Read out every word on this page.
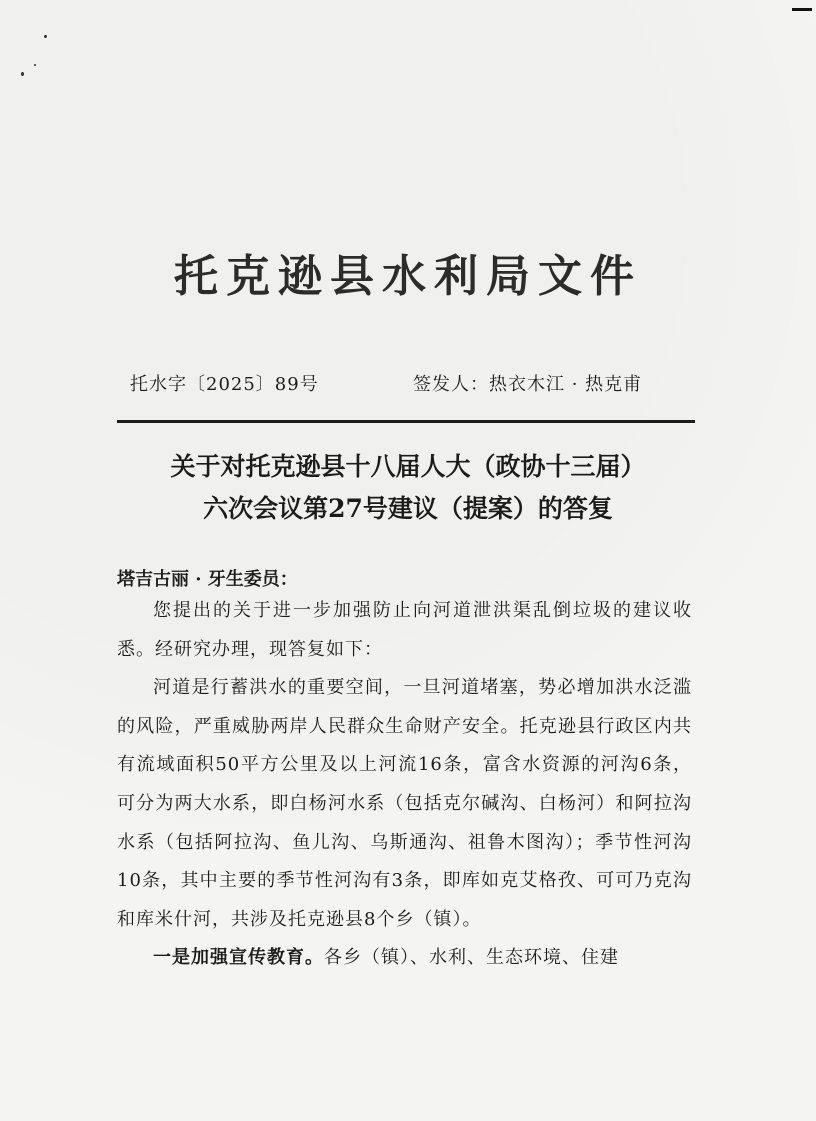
托克逊县水利局文件
托水字〔2025〕89号	签发人：热衣木江 · 热克甫
关于对托克逊县十八届人大（政协十三届）
六次会议第27号建议（提案）的答复
塔吉古丽 · 牙生委员：

您提出的关于进一步加强防止向河道泄洪渠乱倒垃圾的建议收悉。经研究办理，现答复如下：

河道是行蓄洪水的重要空间，一旦河道堵塞，势必增加洪水泛滥的风险，严重威胁两岸人民群众生命财产安全。托克逊县行政区内共有流域面积50平方公里及以上河流16条，富含水资源的河沟6条，可分为两大水系，即白杨河水系（包括克尔碱沟、白杨河）和阿拉沟水系（包括阿拉沟、鱼儿沟、乌斯通沟、祖鲁木图沟）；季节性河沟10条，其中主要的季节性河沟有3条，即库如克艾格孜、可可乃克沟和库米什河，共涉及托克逊县8个乡（镇）。

一是加强宣传教育。各乡（镇）、水利、生态环境、住建
